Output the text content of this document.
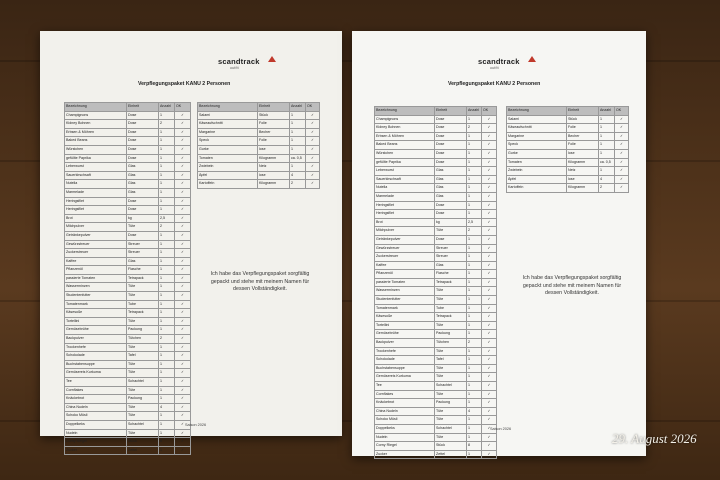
scandtrack
outfit
Verpflegungspaket KANU 2 Personen
Bezeichnung	Einheit	Anzahl	OK
Champignons	Dose	1	✓
Kidney Bohnen	Dose	2	✓
Erbsen & Möhren	Dose	1	✓
Baked Beans	Dose	1	✓
Würstchen	Dose	1	✓
gefüllte Paprika	Dose	1	✓
Leberwurst	Glas	1	✓
Sauerkirschsaft	Glas	1	✓
Nutella	Glas	1	✓
Marmelade	Glas	1	✓
Heringsfilet	Dose	1	✓
Heringsfilet	Dose	1	✓
Brot	kg	2,5	✓
Milchpulver	Tüte	2	✓
Getränkepulver	Dose	1	✓
Gewürzstreuer	Streuer	1	✓
Zuckerstreuer	Streuer	1	✓
Kaffee	Glas	1	✓
Pflanzenöl	Flasche	1	✓
passierte Tomaten	Tetrapack	1	✓
Wasserminzen	Tüte	1	✓
Studentenfutter	Tüte	1	✓
Tomatenmark	Tube	1	✓
Käsesoße	Tetrapack	1	✓
Tortellini	Tüte	1	✓
Gemüsebrühe	Packung	1	✓
Backpulver	Tütchen	2	✓
Trockenhefe	Tüte	1	✓
Schokolade	Tafel	1	✓
Buchstabensuppe	Tüte	1	✓
Gemüsereis Kurkuma	Tüte	1	✓
Tee	Schachtel	1	✓
Cornflakes	Tüte	1	✓
Knäckebrot	Packung	1	✓
China Nudeln	Tüte	4	✓
Schoko Müsli	Tüte	1	✓
Doppelkeks	Schachtel	1	✓
Nudeln	Tüte	1	✓
Corny Riegel	Stück	8	✓
Zucker	Zettel	1	✓
Bezeichnung	Einheit	Anzahl	OK
Salami	Stück	1	✓
Käseaufschnitt	Folie	1	✓
Margarine	Becher	1	✓
Speck	Folie	1	✓
Gurke	lose	1	✓
Tomaten	Kilogramm	ca. 0,5	✓
Zwiebeln	Netz	1	✓
Äpfel	lose	4	✓
Kartoffeln	Kilogramm	2	✓
Ich habe das Verpflegungspaket sorgfältig
gepackt und stehe mit meinem Namen für
dessen Vollständigkeit.
Saison 2026
scandtrack
outfit
Verpflegungspaket KANU 2 Personen
Bezeichnung	Einheit	Anzahl	OK
Champignons	Dose	1	✓
Kidney Bohnen	Dose	2	✓
Erbsen & Möhren	Dose	1	✓
Baked Beans	Dose	1	✓
Würstchen	Dose	1	✓
gefüllte Paprika	Dose	1	✓
Leberwurst	Glas	1	✓
Sauerkirschsaft	Glas	1	✓
Nutella	Glas	1	✓
Marmelade	Glas	1	✓
Heringsfilet	Dose	1	✓
Heringsfilet	Dose	1	✓
Brot	kg	2,5	✓
Milchpulver	Tüte	2	✓
Getränkepulver	Dose	1	✓
Gewürzstreuer	Streuer	1	✓
Zuckerstreuer	Streuer	1	✓
Kaffee	Glas	1	✓
Pflanzenöl	Flasche	1	✓
passierte Tomaten	Tetrapack	1	✓
Wasserminzen	Tüte	1	✓
Studentenfutter	Tüte	1	✓
Tomatenmark	Tube	1	✓
Käsesoße	Tetrapack	1	✓
Tortellini	Tüte	1	✓
Gemüsebrühe	Packung	1	✓
Backpulver	Tütchen	2	✓
Trockenhefe	Tüte	1	✓
Schokolade	Tafel	1	✓
Buchstabensuppe	Tüte	1	✓
Gemüsereis Kurkuma	Tüte	1	✓
Tee	Schachtel	1	✓
Cornflakes	Tüte	1	✓
Knäckebrot	Packung	1	✓
China Nudeln	Tüte	4	✓
Schoko Müsli	Tüte	1	✓
Doppelkeks	Schachtel	1	✓
Nudeln	Tüte	1	✓
Corny Riegel	Stück	8	✓
Zucker	Zettel	1	✓
Bezeichnung	Einheit	Anzahl	OK
Salami	Stück	1	✓
Käseaufschnitt	Folie	1	✓
Margarine	Becher	1	✓
Speck	Folie	1	✓
Gurke	lose	1	✓
Tomaten	Kilogramm	ca. 0,5	✓
Zwiebeln	Netz	1	✓
Äpfel	lose	4	✓
Kartoffeln	Kilogramm	2	✓
Ich habe das Verpflegungspaket sorgfältig
gepackt und stehe mit meinem Namen für
dessen Vollständigkeit.
Saison 2026
29. August 2026
